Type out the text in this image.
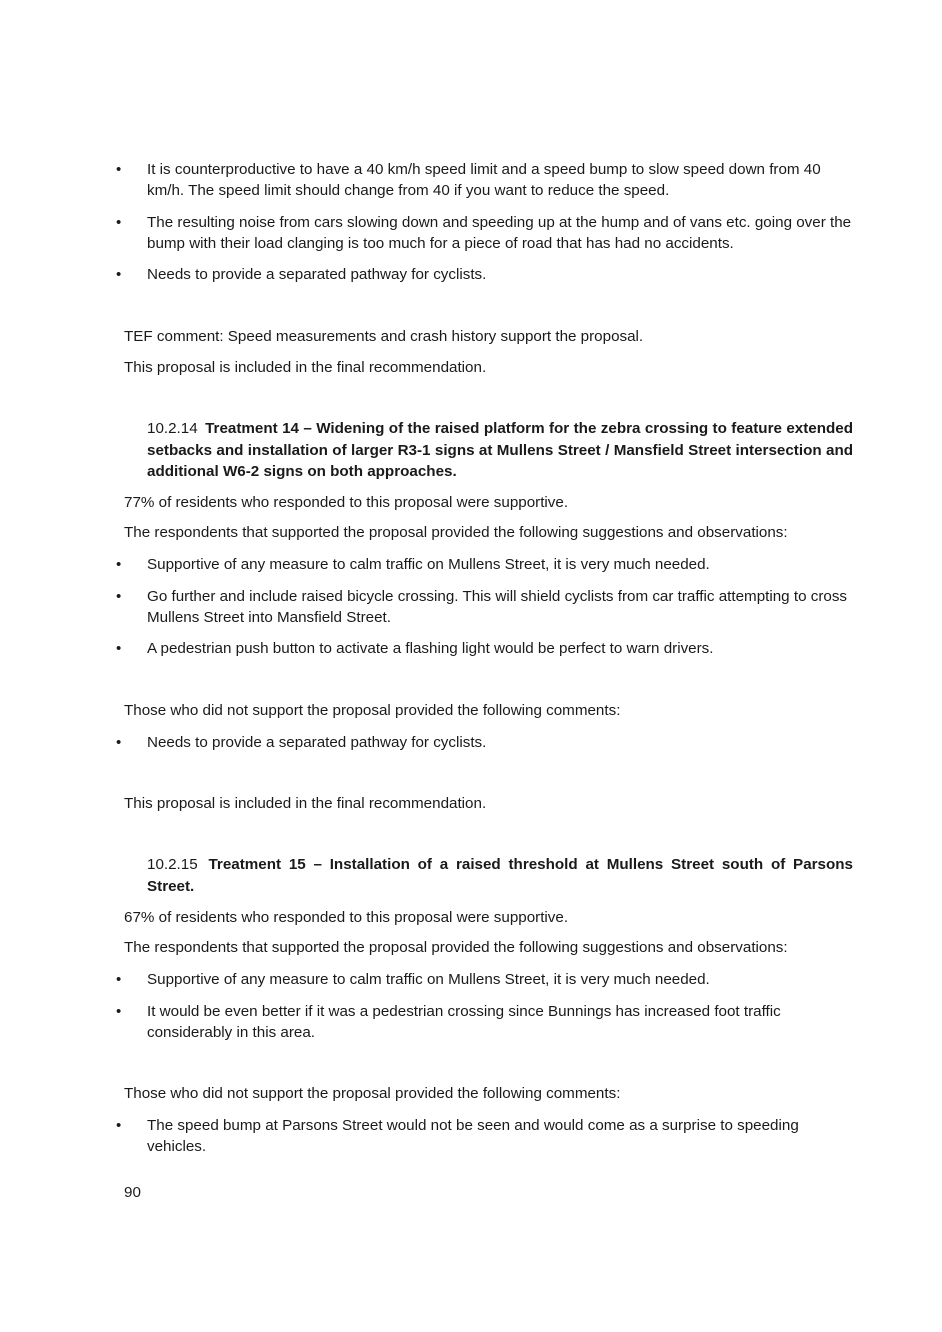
• It is counterproductive to have a 40 km/h speed limit and a speed bump to slow speed down from 40 km/h. The speed limit should change from 40 if you want to reduce the speed.
• The resulting noise from cars slowing down and speeding up at the hump and of vans etc. going over the bump with their load clanging is too much for a piece of road that has had no accidents.
• Needs to provide a separated pathway for cyclists.
TEF comment: Speed measurements and crash history support the proposal.
This proposal is included in the final recommendation.
10.2.14 Treatment 14 – Widening of the raised platform for the zebra crossing to feature extended setbacks and installation of larger R3-1 signs at Mullens Street / Mansfield Street intersection and additional W6-2 signs on both approaches.
77% of residents who responded to this proposal were supportive.
The respondents that supported the proposal provided the following suggestions and observations:
• Supportive of any measure to calm traffic on Mullens Street, it is very much needed.
• Go further and include raised bicycle crossing. This will shield cyclists from car traffic attempting to cross Mullens Street into Mansfield Street.
• A pedestrian push button to activate a flashing light would be perfect to warn drivers.
Those who did not support the proposal provided the following comments:
• Needs to provide a separated pathway for cyclists.
This proposal is included in the final recommendation.
10.2.15 Treatment 15 – Installation of a raised threshold at Mullens Street south of Parsons Street.
67% of residents who responded to this proposal were supportive.
The respondents that supported the proposal provided the following suggestions and observations:
• Supportive of any measure to calm traffic on Mullens Street, it is very much needed.
• It would be even better if it was a pedestrian crossing since Bunnings has increased foot traffic considerably in this area.
Those who did not support the proposal provided the following comments:
• The speed bump at Parsons Street would not be seen and would come as a surprise to speeding vehicles.
90
